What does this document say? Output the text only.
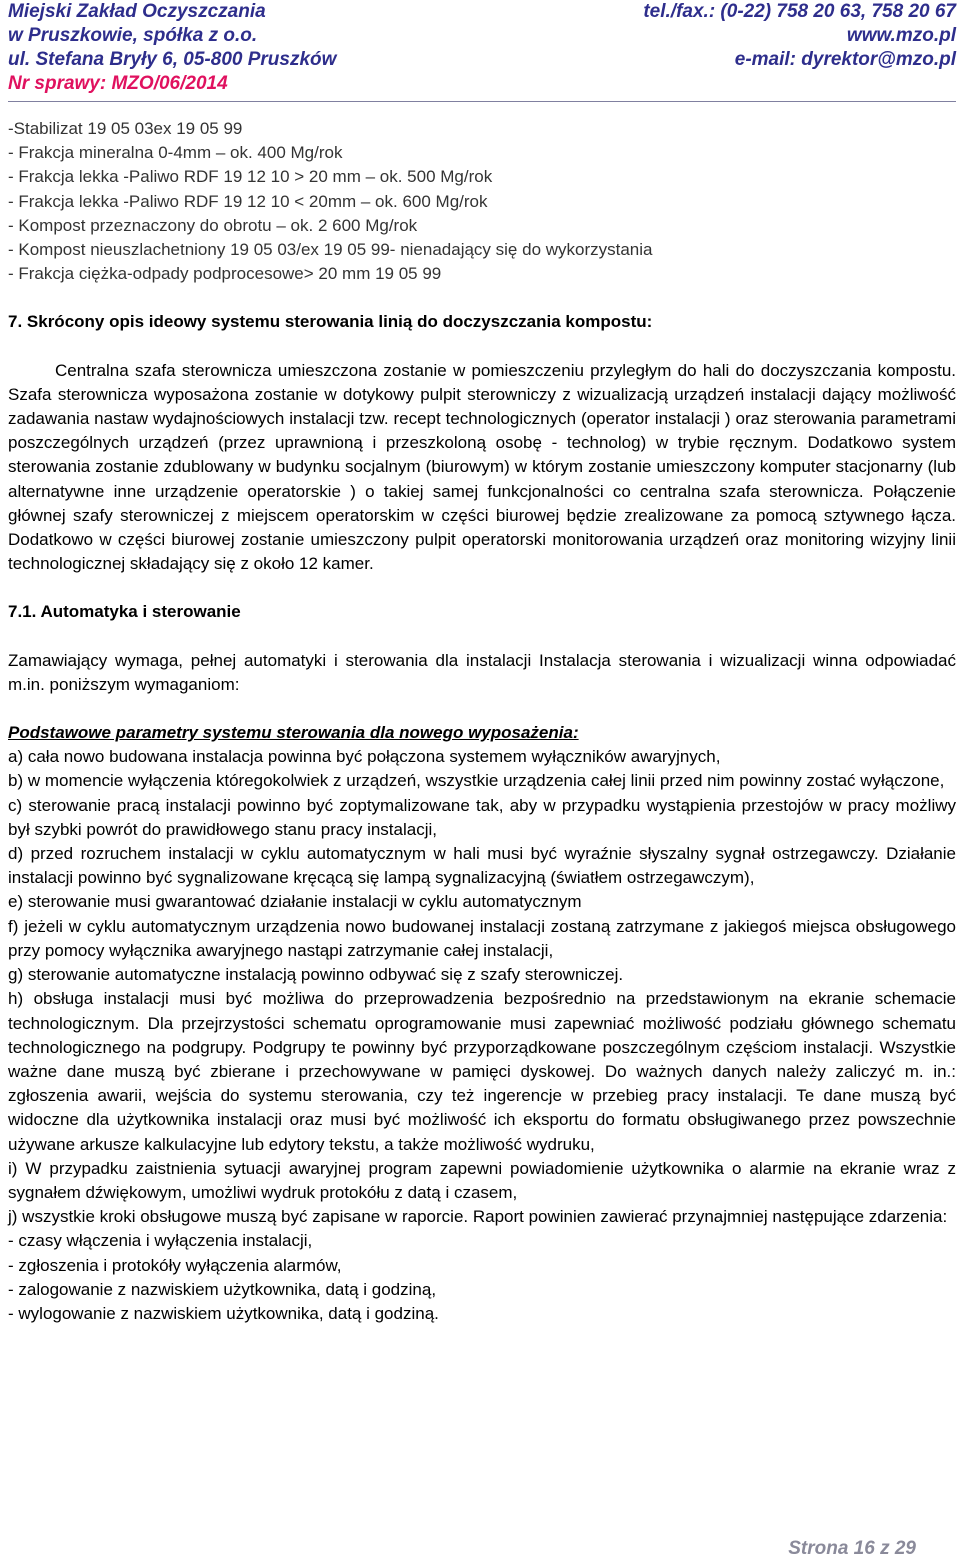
Miejski Zakład Oczyszczania	tel./fax.: (0-22) 758 20 63, 758 20 67
w Pruszkowie, spółka z o.o.	www.mzo.pl
ul. Stefana Bryły 6, 05-800 Pruszków	e-mail: dyrektor@mzo.pl
Nr sprawy: MZO/06/2014

-Stabilizat 19 05 03ex 19 05 99

- Frakcja mineralna 0-4mm – ok. 400 Mg/rok

- Frakcja lekka -Paliwo RDF 19 12 10 > 20 mm – ok. 500 Mg/rok

- Frakcja lekka -Paliwo RDF 19 12 10 < 20mm – ok. 600 Mg/rok

- Kompost przeznaczony do obrotu – ok. 2 600 Mg/rok

- Kompost nieuszlachetniony 19 05 03/ex 19 05 99- nienadający się do wykorzystania

- Frakcja ciężka-odpady podprocesowe> 20 mm 19 05 99

7. Skrócony opis ideowy systemu sterowania linią do doczyszczania kompostu:

Centralna szafa sterownicza umieszczona zostanie w pomieszczeniu przyległym do hali do doczyszczania kompostu. Szafa sterownicza wyposażona zostanie w dotykowy pulpit sterowniczy z wizualizacją urządzeń instalacji dający możliwość zadawania nastaw wydajnościowych instalacji tzw. recept technologicznych (operator instalacji ) oraz sterowania parametrami poszczególnych urządzeń (przez uprawnioną i przeszkoloną osobę - technolog) w trybie ręcznym. Dodatkowo system sterowania zostanie zdublowany w budynku socjalnym (biurowym) w którym zostanie umieszczony komputer stacjonarny (lub alternatywne inne urządzenie operatorskie ) o takiej samej funkcjonalności co centralna szafa sterownicza. Połączenie głównej szafy sterowniczej z miejscem operatorskim w części biurowej będzie zrealizowane za pomocą sztywnego łącza. Dodatkowo w części biurowej zostanie umieszczony pulpit operatorski monitorowania urządzeń oraz monitoring wizyjny linii technologicznej składający się z około 12 kamer.

7.1. Automatyka i sterowanie

Zamawiający wymaga, pełnej automatyki i sterowania dla instalacji Instalacja sterowania i wizualizacji winna odpowiadać m.in. poniższym wymaganiom:

Podstawowe parametry systemu sterowania dla nowego wyposażenia:

a) cała nowo budowana instalacja powinna być połączona systemem wyłączników awaryjnych,

b) w momencie wyłączenia któregokolwiek z urządzeń, wszystkie urządzenia całej linii przed nim powinny zostać wyłączone,

c) sterowanie pracą instalacji powinno być zoptymalizowane tak, aby w przypadku wystąpienia przestojów w pracy możliwy był szybki powrót do prawidłowego stanu pracy instalacji,

d) przed rozruchem instalacji w cyklu automatycznym w hali musi być wyraźnie słyszalny sygnał ostrzegawczy. Działanie instalacji powinno być sygnalizowane kręcącą się lampą sygnalizacyjną (światłem ostrzegawczym),

e) sterowanie musi gwarantować działanie instalacji w cyklu automatycznym

f) jeżeli w cyklu automatycznym urządzenia nowo budowanej instalacji zostaną zatrzymane z jakiegoś miejsca obsługowego przy pomocy wyłącznika awaryjnego nastąpi zatrzymanie całej instalacji,

g) sterowanie automatyczne instalacją powinno odbywać się z szafy sterowniczej.

h) obsługa instalacji musi być możliwa do przeprowadzenia bezpośrednio na przedstawionym na ekranie schemacie technologicznym. Dla przejrzystości schematu oprogramowanie musi zapewniać możliwość podziału głównego schematu technologicznego na podgrupy. Podgrupy te powinny być przyporządkowane poszczególnym częściom instalacji. Wszystkie ważne dane muszą być zbierane i przechowywane w pamięci dyskowej. Do ważnych danych należy zaliczyć m. in.: zgłoszenia awarii, wejścia do systemu sterowania, czy też ingerencje w przebieg pracy instalacji. Te dane muszą być widoczne dla użytkownika instalacji oraz musi być możliwość ich eksportu do formatu obsługiwanego przez powszechnie używane arkusze kalkulacyjne lub edytory tekstu, a także możliwość wydruku,

i) W przypadku zaistnienia sytuacji awaryjnej program zapewni powiadomienie użytkownika o alarmie na ekranie wraz z sygnałem dźwiękowym, umożliwi wydruk protokółu z datą i czasem,

j) wszystkie kroki obsługowe muszą być zapisane w raporcie. Raport powinien zawierać przynajmniej następujące zdarzenia:

- czasy włączenia i wyłączenia instalacji,

- zgłoszenia i protokóły wyłączenia alarmów,

- zalogowanie z nazwiskiem użytkownika, datą i godziną,

- wylogowanie z nazwiskiem użytkownika, datą i godziną.

Strona 16 z 29
